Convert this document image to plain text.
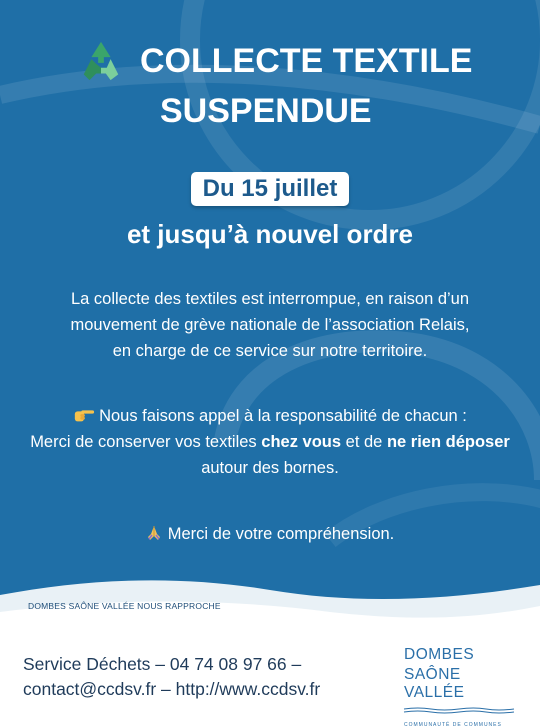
COLLECTE TEXTILE
SUSPENDUE
Du 15 juillet
et jusqu’à nouvel ordre
La collecte des textiles est interrompue, en raison d’un
mouvement de grève nationale de l’association Relais,
en charge de ce service sur notre territoire.
Nous faisons appel à la responsabilité de chacun :
Merci de conserver vos textiles chez vous et de ne rien déposer
autour des bornes.
Merci de votre compréhension.
DOMBES SAÔNE VALLÉE NOUS RAPPROCHE
Service Déchets – 04 74 08 97 66 –
contact@ccdsv.fr – http://www.ccdsv.fr
DOMBES
SAÔNE VALLÉE
COMMUNAUTÉ DE COMMUNES
